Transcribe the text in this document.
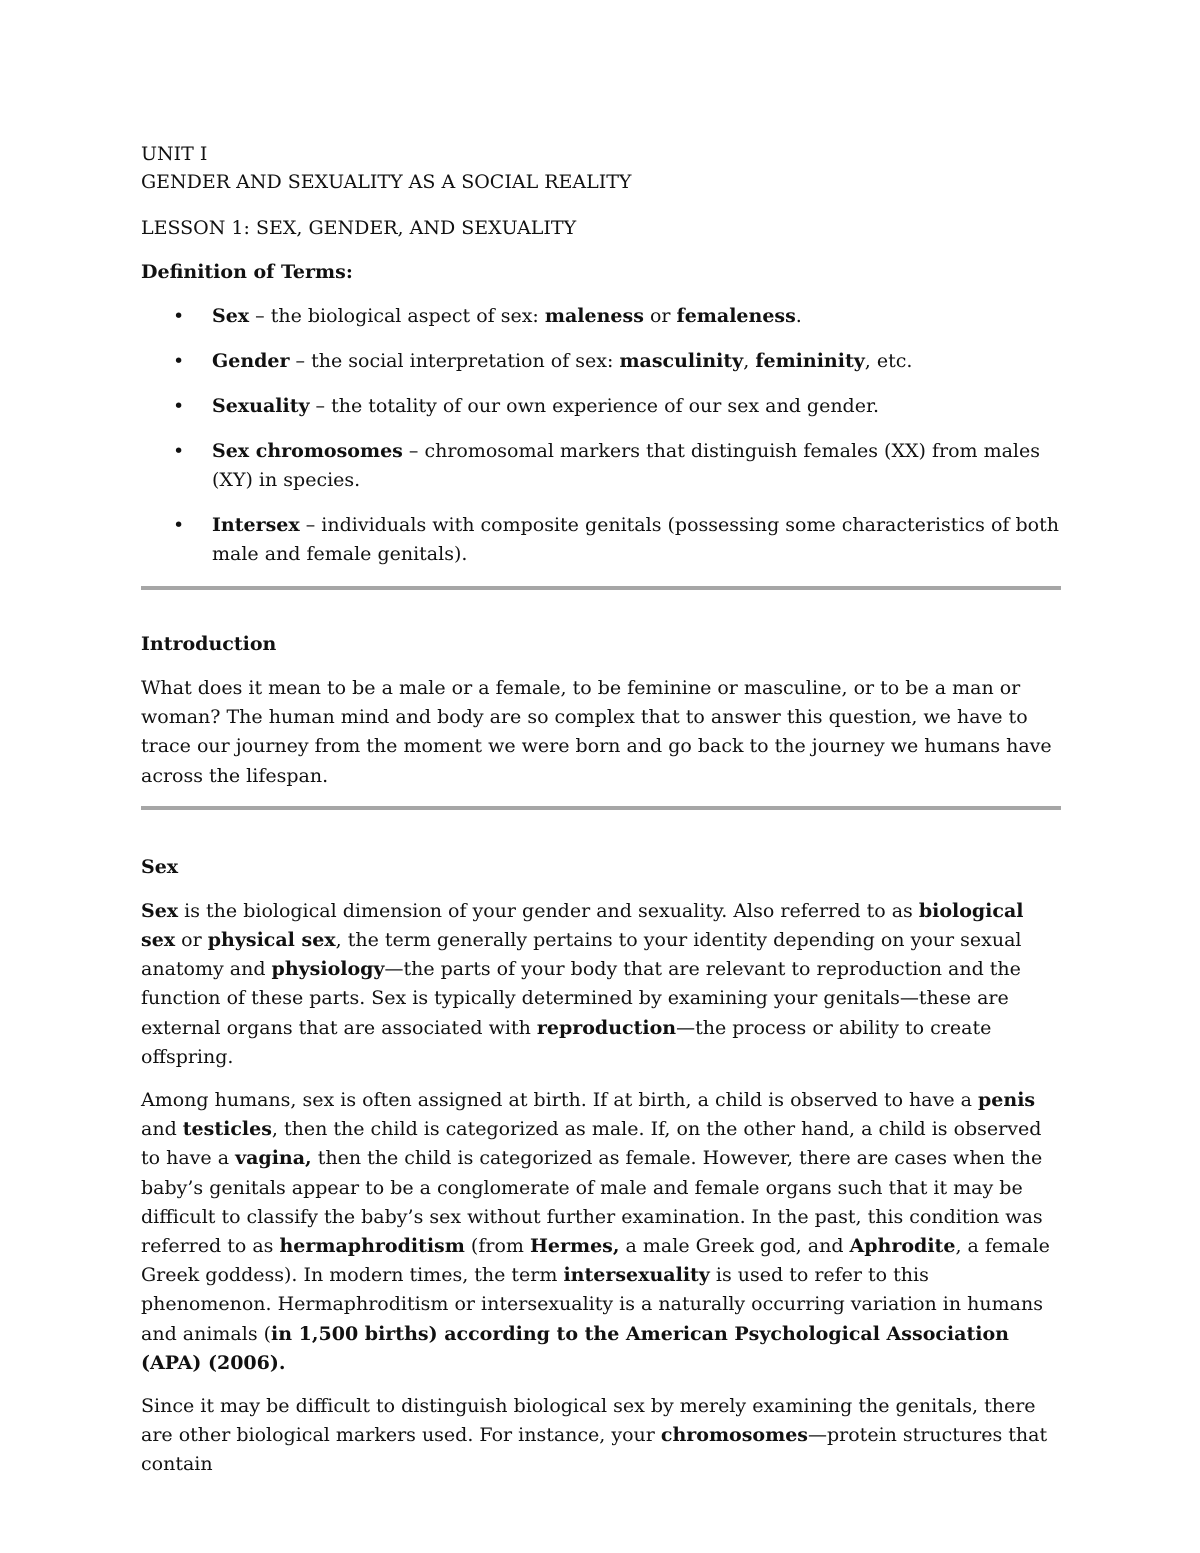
UNIT I

GENDER AND SEXUALITY AS A SOCIAL REALITY

LESSON 1: SEX, GENDER, AND SEXUALITY

Definition of Terms:

• Sex – the biological aspect of sex: maleness or femaleness.
• Gender – the social interpretation of sex: masculinity, femininity, etc.
• Sexuality – the totality of our own experience of our sex and gender.
• Sex chromosomes – chromosomal markers that distinguish females (XX) from males (XY) in species.
• Intersex – individuals with composite genitals (possessing some characteristics of both male and female genitals).

Introduction

What does it mean to be a male or a female, to be feminine or masculine, or to be a man or woman? The human mind and body are so complex that to answer this question, we have to trace our journey from the moment we were born and go back to the journey we humans have across the lifespan.

Sex

Sex is the biological dimension of your gender and sexuality. Also referred to as biological sex or physical sex, the term generally pertains to your identity depending on your sexual anatomy and physiology—the parts of your body that are relevant to reproduction and the function of these parts. Sex is typically determined by examining your genitals—these are external organs that are associated with reproduction—the process or ability to create offspring.

Among humans, sex is often assigned at birth. If at birth, a child is observed to have a penis and testicles, then the child is categorized as male. If, on the other hand, a child is observed to have a vagina, then the child is categorized as female. However, there are cases when the baby’s genitals appear to be a conglomerate of male and female organs such that it may be difficult to classify the baby’s sex without further examination. In the past, this condition was referred to as hermaphroditism (from Hermes, a male Greek god, and Aphrodite, a female Greek goddess). In modern times, the term intersexuality is used to refer to this phenomenon. Hermaphroditism or intersexuality is a naturally occurring variation in humans and animals (in 1,500 births) according to the American Psychological Association (APA) (2006).

Since it may be difficult to distinguish biological sex by merely examining the genitals, there are other biological markers used. For instance, your chromosomes—protein structures that contain
